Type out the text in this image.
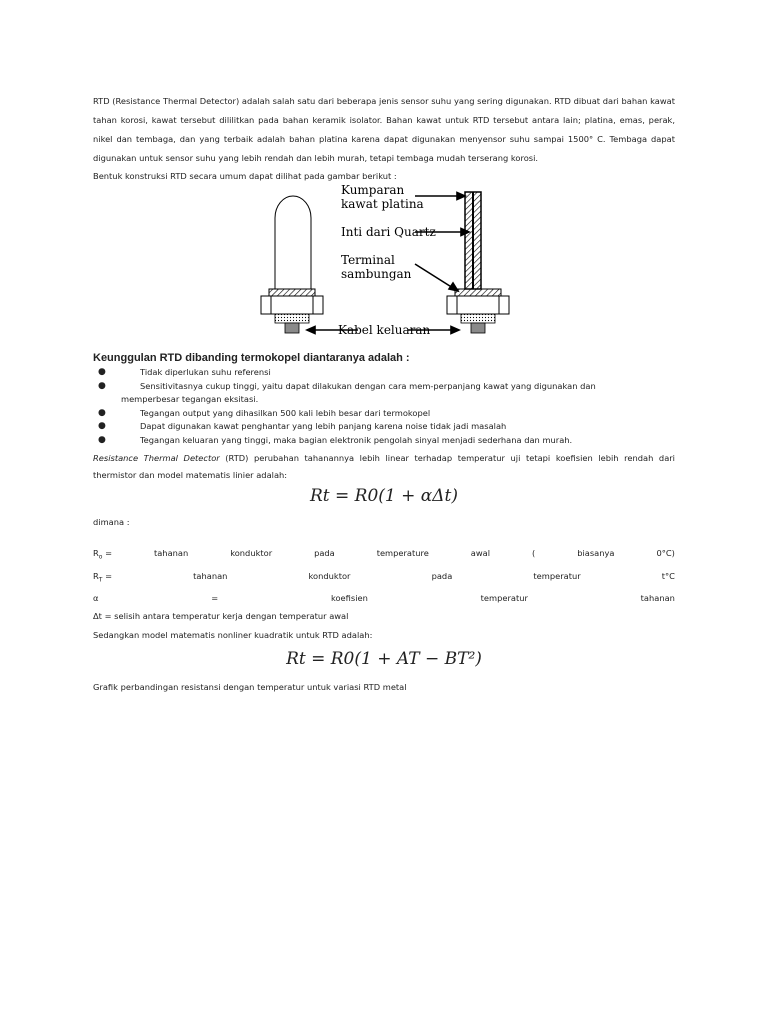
RTD (Resistance Thermal Detector) adalah salah satu dari beberapa jenis sensor suhu yang sering digunakan. RTD dibuat dari bahan kawat tahan korosi, kawat tersebut dililitkan pada bahan keramik isolator. Bahan kawat untuk RTD tersebut antara lain; platina, emas, perak, nikel dan tembaga, dan yang terbaik adalah bahan platina karena dapat digunakan menyensor suhu sampai 1500° C. Tembaga dapat digunakan untuk sensor suhu yang lebih rendah dan lebih murah, tetapi tembaga mudah terserang korosi.

Bentuk konstruksi RTD secara umum dapat dilihat pada gambar berikut :

Kumparan
kawat platina
Inti dari Quartz
Terminal
sambungan
Kabel keluaran
Keunggulan RTD dibanding termokopel diantaranya adalah :
●	Tidak diperlukan suhu referensi
●	Sensitivitasnya cukup tinggi, yaitu dapat dilakukan dengan cara mem-perpanjang kawat yang digunakan dan
memperbesar tegangan eksitasi.
●	Tegangan output yang dihasilkan 500 kali lebih besar dari termokopel
●	Dapat digunakan kawat penghantar yang lebih panjang karena noise tidak jadi masalah
●	Tegangan keluaran yang tinggi, maka bagian elektronik pengolah sinyal menjadi sederhana dan murah.

Resistance Thermal Detector (RTD) perubahan tahanannya lebih linear terhadap temperatur uji tetapi koefisien lebih rendah dari thermistor dan model matematis linier adalah:

Rt = R0(1 + αΔt)

dimana :

$R_o$ =	tahanan	konduktor	pada	temperature	awal	(	biasanya	0°C)
$R_T$ =	tahanan	konduktor	pada	temperatur	t°C
α	=	koefisien	temperatur	tahanan
Δt = selisih antara temperatur kerja dengan temperatur awal

Sedangkan model matematis nonliner kuadratik untuk RTD adalah:

Rt = R0(1 + AT − BT²)

Grafik perbandingan resistansi dengan temperatur untuk variasi RTD metal
